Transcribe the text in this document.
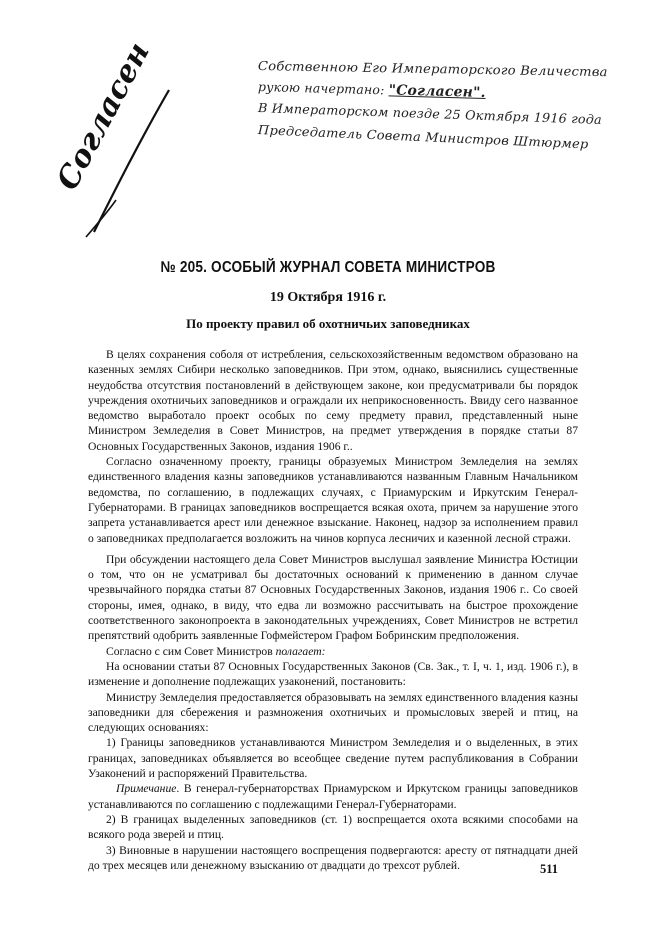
Согласен	Собственною Его Императорского Величества
рукою начертано: "Согласен".
В Императорском поезде 25 Октября 1916 года
Председатель Совета Министров Штюрмер
№ 205. ОСОБЫЙ ЖУРНАЛ СОВЕТА МИНИСТРОВ
19 Октября 1916 г.
По проекту правил об охотничьих заповедниках

В целях сохранения соболя от истребления, сельскохозяйственным ведомством образовано на казенных землях Сибири несколько заповедников. При этом, однако, выяснились существенные неудобства отсутствия постановлений в действующем законе, кои предусматривали бы порядок учреждения охотничьих заповедников и ограждали их неприкосновенность. Ввиду сего названное ведомство выработало проект особых по сему предмету правил, представленный ныне Министром Земледелия в Совет Министров, на предмет утверждения в порядке статьи 87 Основных Государственных Законов, издания 1906 г..

Согласно означенному проекту, границы образуемых Министром Земледелия на землях единственного владения казны заповедников устанавливаются названным Главным Начальником ведомства, по соглашению, в подлежащих случаях, с Приамурским и Иркутским Генерал-Губернаторами. В границах заповедников воспрещается всякая охота, причем за нарушение этого запрета устанавливается арест или денежное взыскание. Наконец, надзор за исполнением правил о заповедниках предполагается возложить на чинов корпуса лесничих и казенной лесной стражи.

При обсуждении настоящего дела Совет Министров выслушал заявление Министра Юстиции о том, что он не усматривал бы достаточных оснований к применению в данном случае чрезвычайного порядка статьи 87 Основных Государственных Законов, издания 1906 г.. Со своей стороны, имея, однако, в виду, что едва ли возможно рассчитывать на быстрое прохождение соответственного законопроекта в законодательных учреждениях, Совет Министров не встретил препятствий одобрить заявленные Гофмейстером Графом Бобринским предположения.

Согласно с сим Совет Министров полагает:

На основании статьи 87 Основных Государственных Законов (Св. Зак., т. I, ч. 1, изд. 1906 г.), в изменение и дополнение подлежащих узаконений, постановить:

Министру Земледелия предоставляется образовывать на землях единственного владения казны заповедники для сбережения и размножения охотничьих и промысловых зверей и птиц, на следующих основаниях:

1) Границы заповедников устанавливаются Министром Земледелия и о выделенных, в этих границах, заповедниках объявляется во всеобщее сведение путем распубликования в Собрании Узаконений и распоряжений Правительства.

Примечание. В генерал-губернаторствах Приамурском и Иркутском границы заповедников устанавливаются по соглашению с подлежащими Генерал-Губернаторами.

2) В границах выделенных заповедников (ст. 1) воспрещается охота всякими способами на всякого рода зверей и птиц.

3) Виновные в нарушении настоящего воспрещения подвергаются: аресту от пятнадцати дней до трех месяцев или денежному взысканию от двадцати до трехсот рублей.	511
